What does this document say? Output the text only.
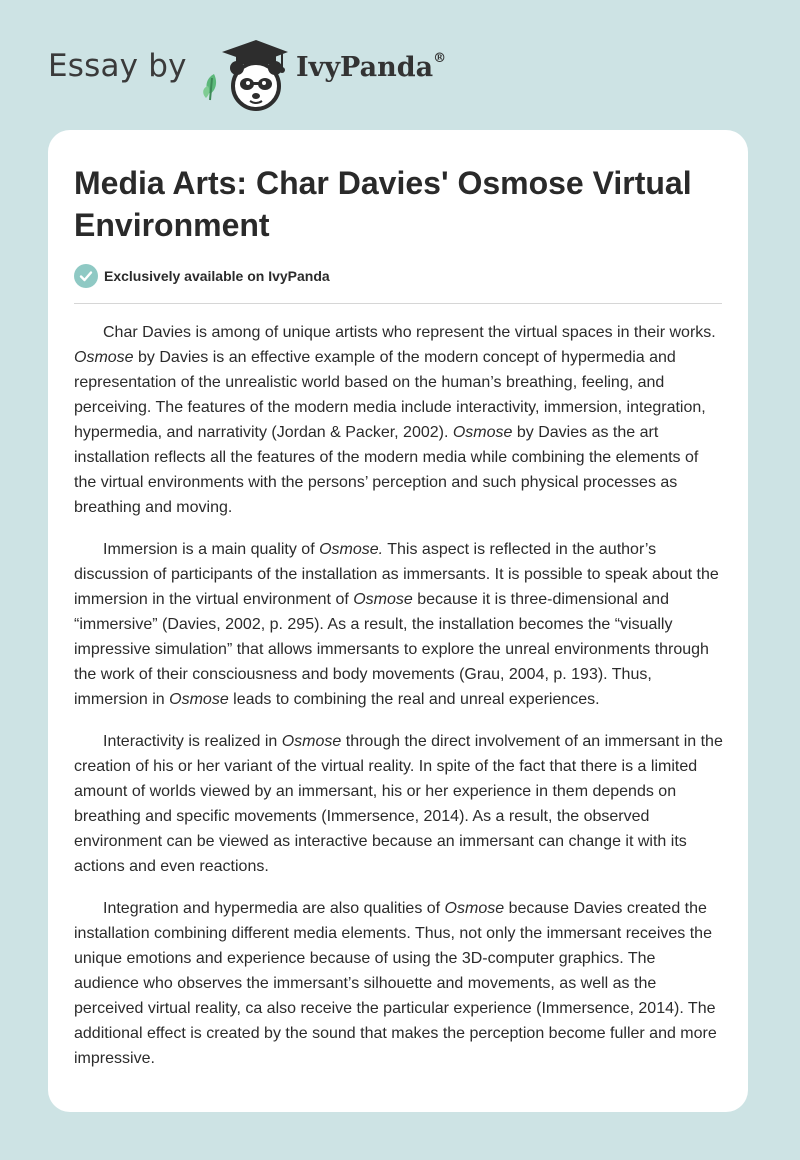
Essay by	IvyPanda®
Media Arts: Char Davies' Osmose Virtual Environment
Exclusively available on IvyPanda

Char Davies is among of unique artists who represent the virtual spaces in their works. Osmose by Davies is an effective example of the modern concept of hypermedia and representation of the unrealistic world based on the human’s breathing, feeling, and perceiving. The features of the modern media include interactivity, immersion, integration, hypermedia, and narrativity (Jordan & Packer, 2002). Osmose by Davies as the art installation reflects all the features of the modern media while combining the elements of the virtual environments with the persons’ perception and such physical processes as breathing and moving.

Immersion is a main quality of Osmose. This aspect is reflected in the author’s discussion of participants of the installation as immersants. It is possible to speak about the immersion in the virtual environment of Osmose because it is three-dimensional and “immersive” (Davies, 2002, p. 295). As a result, the installation becomes the “visually impressive simulation” that allows immersants to explore the unreal environments through the work of their consciousness and body movements (Grau, 2004, p. 193). Thus, immersion in Osmose leads to combining the real and unreal experiences.

Interactivity is realized in Osmose through the direct involvement of an immersant in the creation of his or her variant of the virtual reality. In spite of the fact that there is a limited amount of worlds viewed by an immersant, his or her experience in them depends on breathing and specific movements (Immersence, 2014). As a result, the observed environment can be viewed as interactive because an immersant can change it with its actions and even reactions.

Integration and hypermedia are also qualities of Osmose because Davies created the installation combining different media elements. Thus, not only the immersant receives the unique emotions and experience because of using the 3D-computer graphics. The audience who observes the immersant’s silhouette and movements, as well as the perceived virtual reality, ca also receive the particular experience (Immersence, 2014). The additional effect is created by the sound that makes the perception become fuller and more impressive.
